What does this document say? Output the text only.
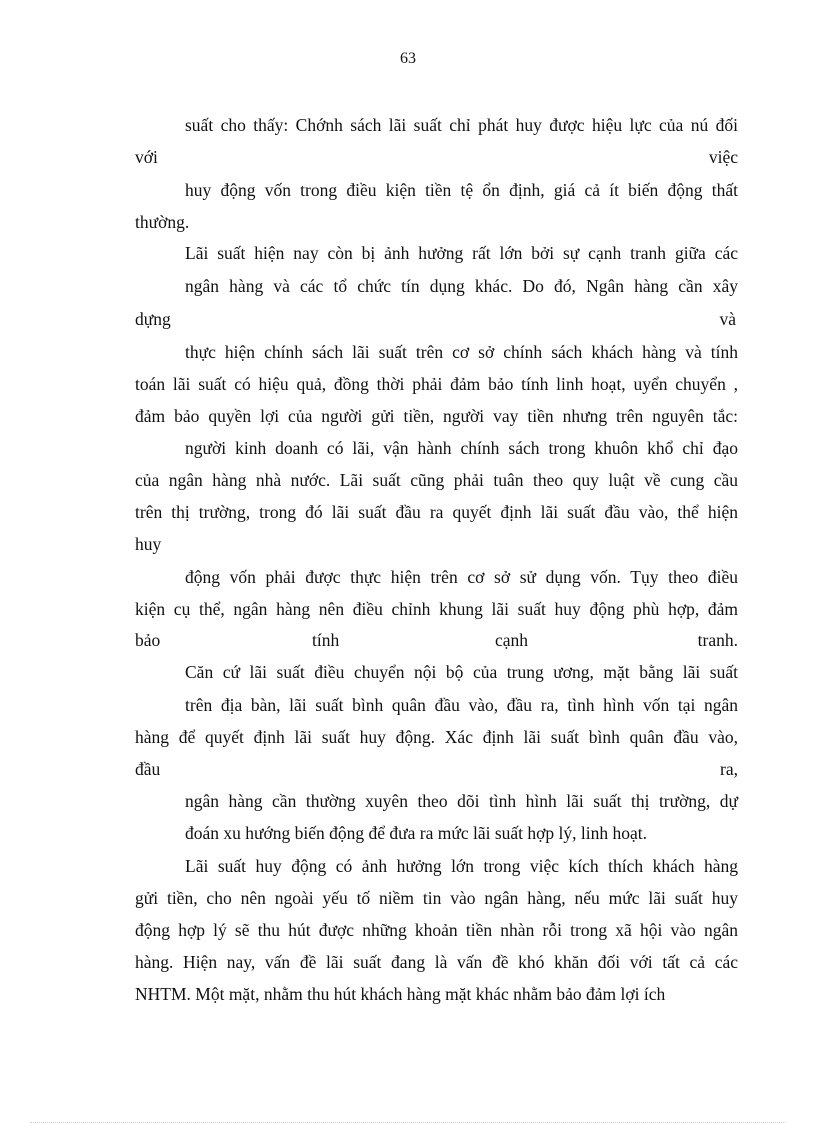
63
suất cho thấy: Chớnh sách lãi suất chỉ phát huy được hiệu lực của nú đối
với	việc
huy động vốn trong điều kiện tiền tệ ổn định, giá cả ít biến động thất
thường.
Lãi suất hiện nay còn bị ảnh hưởng rất lớn bởi sự cạnh tranh giữa các
ngân hàng và các tổ chức tín dụng khác. Do đó, Ngân hàng cần xây
dựng	và
thực hiện chính sách lãi suất trên cơ sở chính sách khách hàng và tính
toán lãi suất có hiệu quả, đồng thời phải đảm bảo tính linh hoạt, uyển chuyển ,
đảm bảo quyền lợi của người gửi tiền, người vay tiền nhưng trên nguyên tắc:
người kinh doanh có lãi, vận hành chính sách trong khuôn khổ chỉ đạo
của ngân hàng nhà nước. Lãi suất cũng phải tuân theo quy luật về cung cầu
trên thị trường, trong đó lãi suất đầu ra quyết định lãi suất đầu vào, thể hiện
huy
động vốn phải được thực hiện trên cơ sở sử dụng vốn. Tụy theo điều
kiện cụ thể, ngân hàng nên điều chỉnh khung lãi suất huy động phù hợp, đảm
bảo	tính	cạnh	tranh.
Căn cứ lãi suất điều chuyển nội bộ của trung ương, mặt bằng lãi suất
trên địa bàn, lãi suất bình quân đầu vào, đầu ra, tình hình vốn tại ngân
hàng để quyết định lãi suất huy động. Xác định lãi suất bình quân đầu vào,
đầu	ra,
ngân hàng cần thường xuyên theo dõi tình hình lãi suất thị trường, dự
đoán xu hướng biến động để đưa ra mức lãi suất hợp lý, linh hoạt.
Lãi suất huy động có ảnh hưởng lớn trong việc kích thích khách hàng
gửi tiền, cho nên ngoài yếu tố niềm tin vào ngân hàng, nếu mức lãi suất huy
động hợp lý sẽ thu hút được những khoản tiền nhàn rỗi trong xã hội vào ngân
hàng. Hiện nay, vấn đề lãi suất đang là vấn đề khó khăn đối với tất cả các
NHTM. Một mặt, nhằm thu hút khách hàng mặt khác nhằm bảo đảm lợi ích
